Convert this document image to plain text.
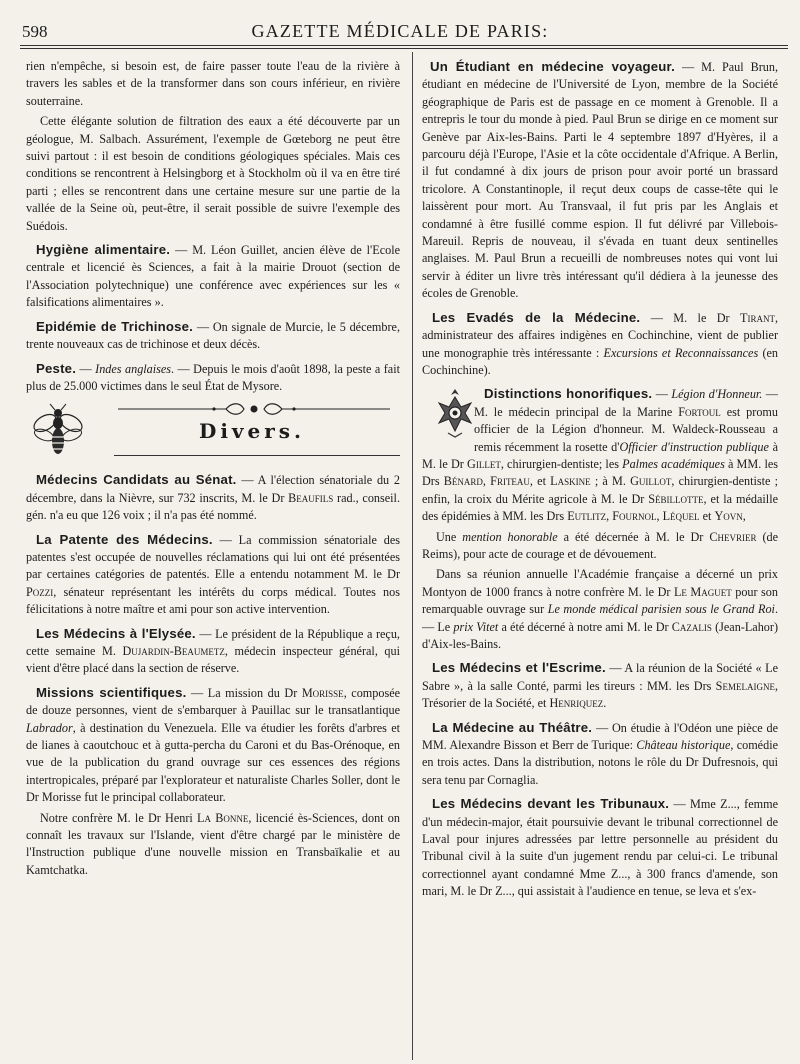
598	GAZETTE MÉDICALE DE PARIS:

rien n'empêche, si besoin est, de faire passer toute l'eau de la rivière à travers les sables et de la transformer dans son cours inférieur, en rivière souterraine.

Cette élégante solution de filtration des eaux a été découverte par un géologue, M. Salbach. Assurément, l'exemple de Gœteborg ne peut être suivi partout : il est besoin de conditions géologiques spéciales. Mais ces conditions se rencontrent à Helsingborg et à Stockholm où il va en être tiré parti ; elles se rencontrent dans une certaine mesure sur une partie de la vallée de la Seine où, peut-être, il serait possible de suivre l'exemple des Suédois.

Hygiène alimentaire. — M. Léon Guillet, ancien élève de l'Ecole centrale et licencié ès Sciences, a fait à la mairie Drouot (section de l'Association polytechnique) une conférence avec expériences sur les « falsifications alimentaires ».

Epidémie de Trichinose. — On signale de Murcie, le 5 décembre, trente nouveaux cas de trichinose et deux décès.

Peste. — Indes anglaises. — Depuis le mois d'août 1898, la peste a fait plus de 25.000 victimes dans le seul État de Mysore.

Divers.

Médecins Candidats au Sénat. — A l'élection sénatoriale du 2 décembre, dans la Nièvre, sur 732 inscrits, M. le Dr Beaufils rad., conseil. gén. n'a eu que 126 voix ; il n'a pas été nommé.

La Patente des Médecins. — La commission sénatoriale des patentes s'est occupée de nouvelles réclamations qui lui ont été présentées par certaines catégories de patentés. Elle a entendu notamment M. le Dr Pozzi, sénateur représentant les intérêts du corps médical. Toutes nos félicitations à notre maître et ami pour son active intervention.

Les Médecins à l'Elysée. — Le président de la République a reçu, cette semaine M. Dujardin-Beaumetz, médecin inspecteur général, qui vient d'être placé dans la section de réserve.

Missions scientifiques. — La mission du Dr Morisse, composée de douze personnes, vient de s'embarquer à Pauillac sur le transatlantique Labrador, à destination du Venezuela. Elle va étudier les forêts d'arbres et de lianes à caoutchouc et à gutta-percha du Caroni et du Bas-Orénoque, en vue de la publication du grand ouvrage sur ces essences des régions intertropicales, préparé par l'explorateur et naturaliste Charles Soller, dont le Dr Morisse fut le principal collaborateur.

Notre confrère M. le Dr Henri La Bonne, licencié ès-Sciences, dont on connaît les travaux sur l'Islande, vient d'être chargé par le ministère de l'Instruction publique d'une nouvelle mission en Transbaïkalie et au Kamtchatka.

Un Étudiant en médecine voyageur. — M. Paul Brun, étudiant en médecine de l'Université de Lyon, membre de la Société géographique de Paris est de passage en ce moment à Grenoble. Il a entrepris le tour du monde à pied. Paul Brun se dirige en ce moment sur Genève par Aix-les-Bains. Parti le 4 septembre 1897 d'Hyères, il a parcouru déjà l'Europe, l'Asie et la côte occidentale d'Afrique. A Berlin, il fut condamné à dix jours de prison pour avoir porté un brassard tricolore. A Constantinople, il reçut deux coups de casse-tête qui le laissèrent pour mort. Au Transvaal, il fut pris par les Anglais et condamné à être fusillé comme espion. Il fut délivré par Villebois-Mareuil. Repris de nouveau, il s'évada en tuant deux sentinelles anglaises. M. Paul Brun a recueilli de nombreuses notes qui vont lui servir à éditer un livre très intéressant qu'il dédiera à la jeunesse des écoles de Grenoble.

Les Evadés de la Médecine. — M. le Dr Tirant, administrateur des affaires indigènes en Cochinchine, vient de publier une monographie très intéressante : Excursions et Reconnaissances (en Cochinchine).

Distinctions honorifiques. — Légion d'Honneur. — M. le médecin principal de la Marine Fortoul est promu officier de la Légion d'honneur. M. Waldeck-Rousseau a remis récemment la rosette d'Officier d'instruction publique à M. le Dr Gillet, chirurgien-dentiste; les Palmes académiques à MM. les Drs Bénard, Friteau, et Laskine ; à M. Guillot, chirurgien-dentiste ; enfin, la croix du Mérite agricole à M. le Dr Sébillotte, et la médaille des épidémies à MM. les Drs Eutlitz, Fournol, Léquel et Yovn,

Une mention honorable a été décernée à M. le Dr Chevrier (de Reims), pour acte de courage et de dévouement.

Dans sa réunion annuelle l'Académie française a décerné un prix Montyon de 1000 francs à notre confrère M. le Dr Le Maguet pour son remarquable ouvrage sur Le monde médical parisien sous le Grand Roi. — Le prix Vitet a été décerné à notre ami M. le Dr Cazalis (Jean-Lahor) d'Aix-les-Bains.

Les Médecins et l'Escrime. — A la réunion de la Société « Le Sabre », à la salle Conté, parmi les tireurs : MM. les Drs Semelaigne, Trésorier de la Société, et Henriquez.

La Médecine au Théâtre. — On étudie à l'Odéon une pièce de MM. Alexandre Bisson et Berr de Turique: Château historique, comédie en trois actes. Dans la distribution, notons le rôle du Dr Dufresnois, qui sera tenu par Cornaglia.

Les Médecins devant les Tribunaux. — Mme Z..., femme d'un médecin-major, était poursuivie devant le tribunal correctionnel de Laval pour injures adressées par lettre personnelle au président du Tribunal civil à la suite d'un jugement rendu par celui-ci. Le tribunal correctionnel ayant condamné Mme Z..., à 300 francs d'amende, son mari, M. le Dr Z..., qui assistait à l'audience en tenue, se leva et s'ex-
